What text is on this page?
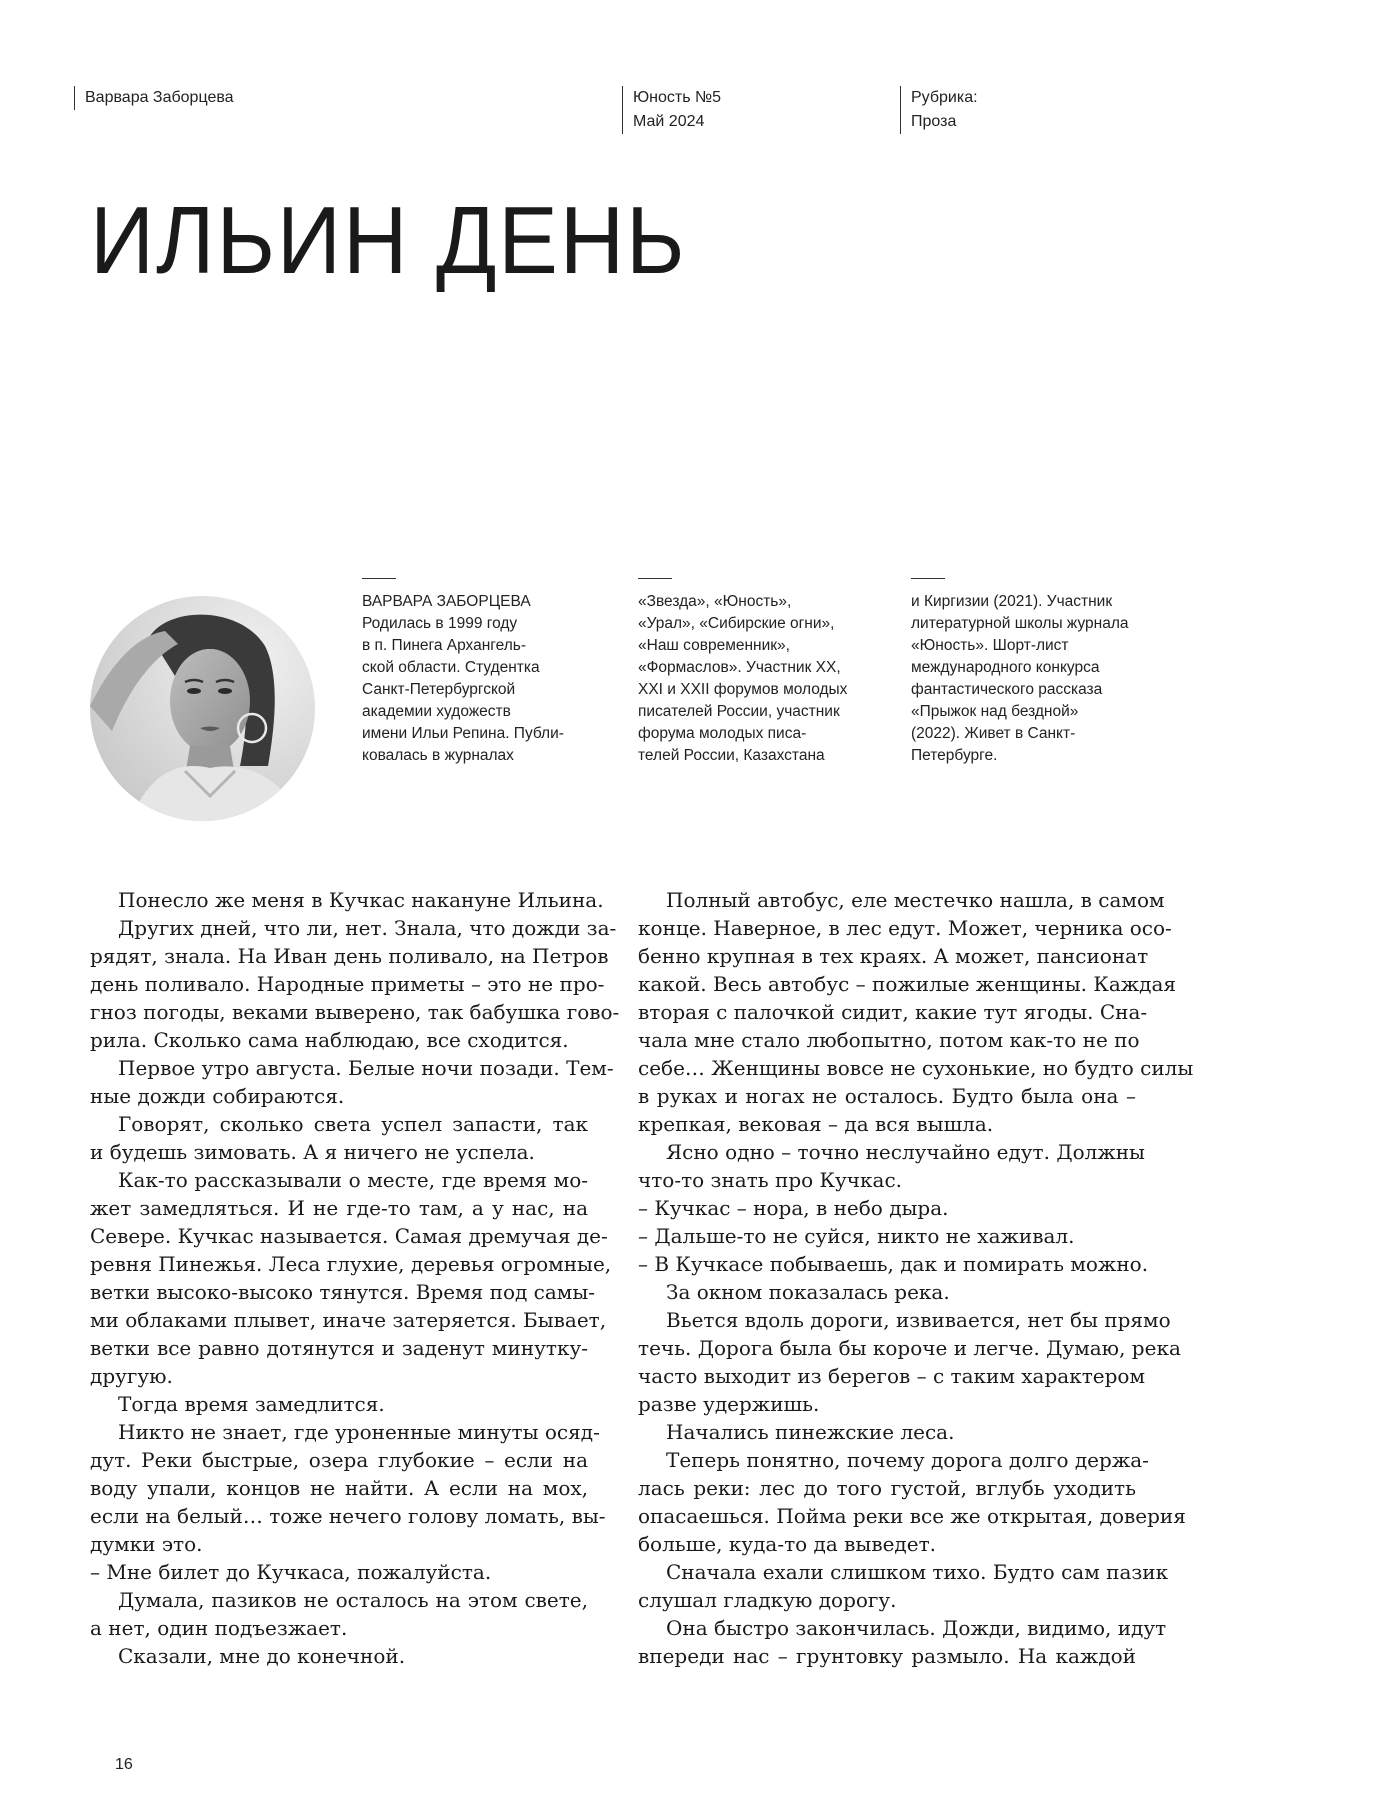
Варвара Заборцева	Юность №5
Май 2024
Рубрика:
Проза
ИЛЬИН ДЕНЬ

ВАРВАРА ЗАБОРЦЕВА
Родилась в 1999 году
в п. Пинега Архангель-
ской области. Студентка
Санкт-Петербургской
академии художеств
имени Ильи Репина. Публи-
ковалась в журналах

«Звезда», «Юность»,
«Урал», «Сибирские огни»,
«Наш современник»,
«Формаслов». Участник XX,
XXI и XXII форумов молодых
писателей России, участник
форума молодых писа-
телей России, Казахстана

и Киргизии (2021). Участник
литературной школы журнала
«Юность». Шорт-лист
международного конкурса
фантастического рассказа
«Прыжок над бездной»
(2022). Живет в Санкт-
Петербурге.

Понесло же меня в Кучкас накануне Ильина.
Других дней, что ли, нет. Знала, что дожди за-
рядят, знала. На Иван день поливало, на Петров
день поливало. Народные приметы – это не про-
гноз погоды, веками выверено, так бабушка гово-
рила. Сколько сама наблюдаю, все сходится.
Первое утро августа. Белые ночи позади. Тем-
ные дожди собираются.
Говорят, сколько света успел запасти, так
и будешь зимовать. А я ничего не успела.
Как-то рассказывали о месте, где время мо-
жет замедляться. И не где-то там, а у нас, на
Севере. Кучкас называется. Самая дремучая де-
ревня Пинежья. Леса глухие, деревья огромные,
ветки высоко-высоко тянутся. Время под самы-
ми облаками плывет, иначе затеряется. Бывает,
ветки все равно дотянутся и заденут минутку-
другую.
Тогда время замедлится.
Никто не знает, где уроненные минуты осяд-
дут. Реки быстрые, озера глубокие – если на
воду упали, концов не найти. А если на мох,
если на белый… тоже нечего голову ломать, вы-
думки это.
– Мне билет до Кучкаса, пожалуйста.
Думала, пазиков не осталось на этом свете,
а нет, один подъезжает.
Сказали, мне до конечной.
Полный автобус, еле местечко нашла, в самом
конце. Наверное, в лес едут. Может, черника осо-
бенно крупная в тех краях. А может, пансионат
какой. Весь автобус – пожилые женщины. Каждая
вторая с палочкой сидит, какие тут ягоды. Сна-
чала мне стало любопытно, потом как-то не по
себе… Женщины вовсе не сухонькие, но будто силы
в руках и ногах не осталось. Будто была она –
крепкая, вековая – да вся вышла.
Ясно одно – точно неслучайно едут. Должны
что-то знать про Кучкас.
– Кучкас – нора, в небо дыра.
– Дальше-то не суйся, никто не хаживал.
– В Кучкасе побываешь, дак и помирать можно.
За окном показалась река.
Вьется вдоль дороги, извивается, нет бы прямо
течь. Дорога была бы короче и легче. Думаю, река
часто выходит из берегов – с таким характером
разве удержишь.
Начались пинежские леса.
Теперь понятно, почему дорога долго держа-
лась реки: лес до того густой, вглубь уходить
опасаешься. Пойма реки все же открытая, доверия
больше, куда-то да выведет.
Сначала ехали слишком тихо. Будто сам пазик
слушал гладкую дорогу.
Она быстро закончилась. Дожди, видимо, идут
впереди нас – грунтовку размыло. На каждой
16
